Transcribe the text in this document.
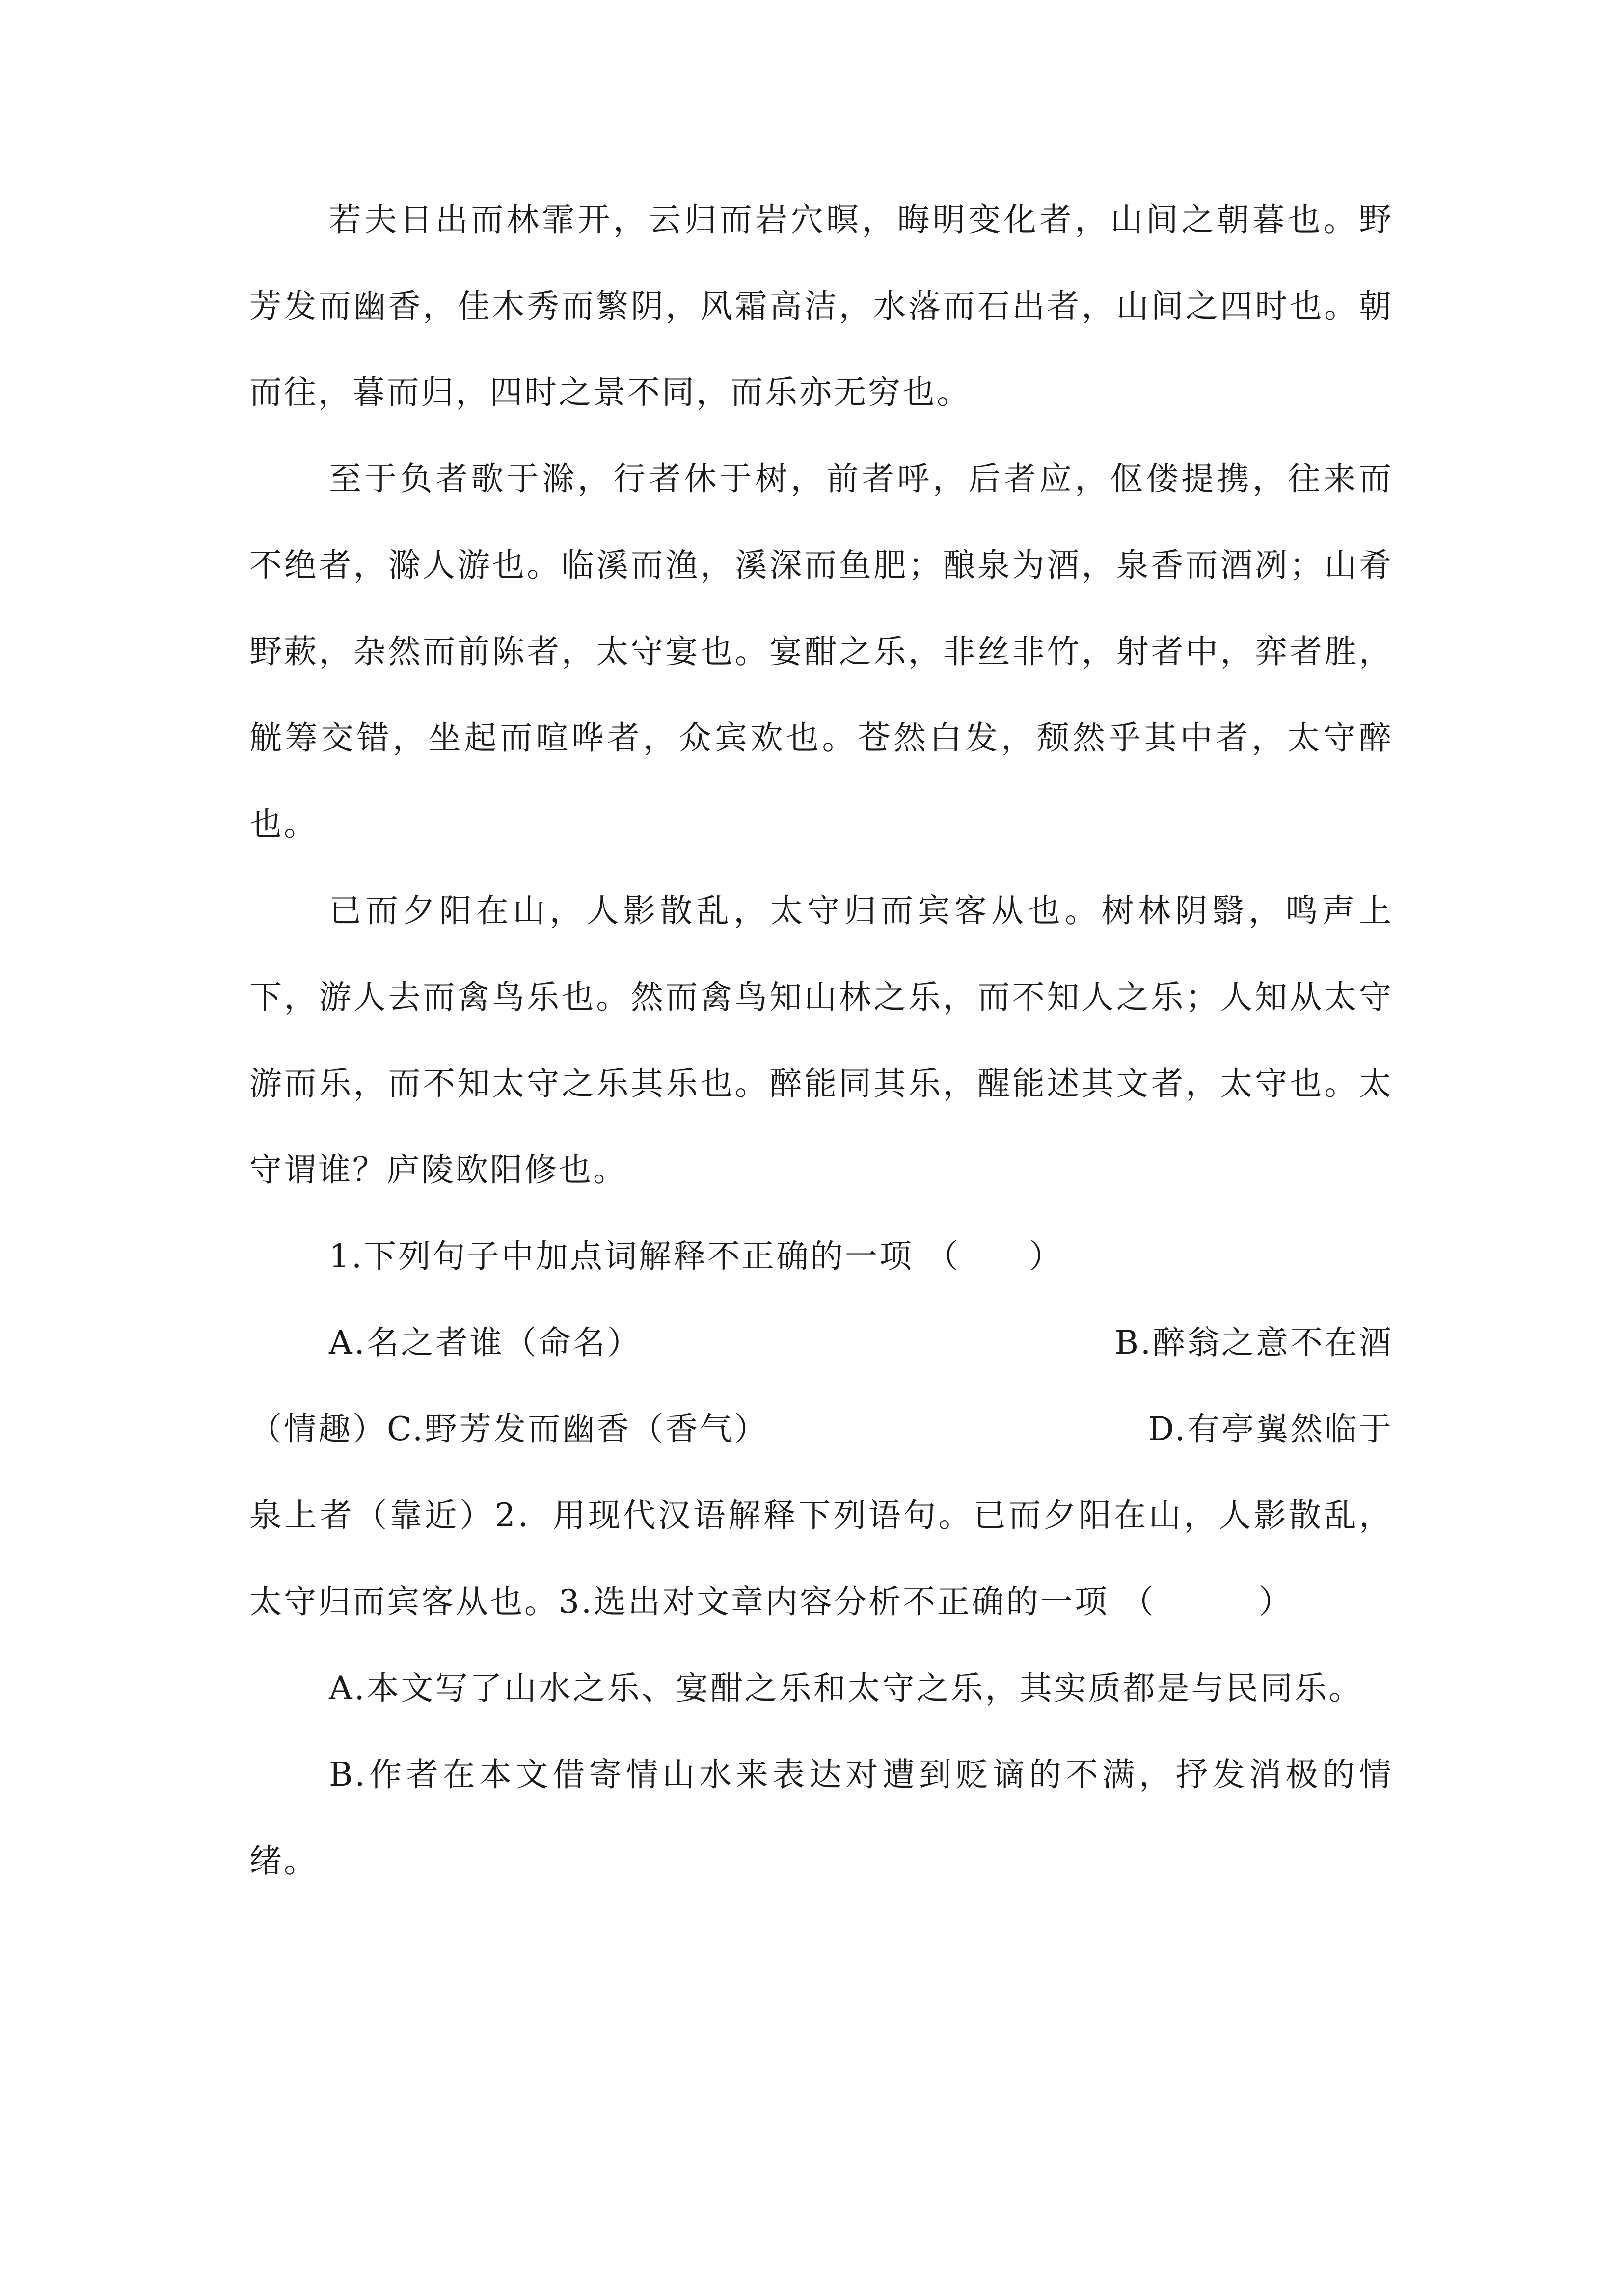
若夫日出而林霏开，云归而岩穴暝，晦明变化者，山间之朝暮也。野芳发而幽香，佳木秀而繁阴，风霜高洁，水落而石出者，山间之四时也。朝而往，暮而归，四时之景不同，而乐亦无穷也。

至于负者歌于滁，行者休于树，前者呼，后者应，伛偻提携，往来而不绝者，滁人游也。临溪而渔，溪深而鱼肥；酿泉为酒，泉香而酒冽；山肴野蔌，杂然而前陈者，太守宴也。宴酣之乐，非丝非竹，射者中，弈者胜，觥筹交错，坐起而喧哗者，众宾欢也。苍然白发，颓然乎其中者，太守醉也。

已而夕阳在山，人影散乱，太守归而宾客从也。树林阴翳，鸣声上下，游人去而禽鸟乐也。然而禽鸟知山林之乐，而不知人之乐；人知从太守游而乐，而不知太守之乐其乐也。醉能同其乐，醒能述其文者，太守也。太守谓谁？庐陵欧阳修也。

1.下列句子中加点词解释不正确的一项 （　　）

A.名之者谁（命名）	B.醉翁之意不在酒
（情趣）C.野芳发而幽香（香气）	D.有亭翼然临于

泉上者（靠近）2．用现代汉语解释下列语句。已而夕阳在山，人影散乱，太守归而宾客从也。3.选出对文章内容分析不正确的一项 （　　　）

A.本文写了山水之乐、宴酣之乐和太守之乐，其实质都是与民同乐。

B.作者在本文借寄情山水来表达对遭到贬谪的不满，抒发消极的情绪。
